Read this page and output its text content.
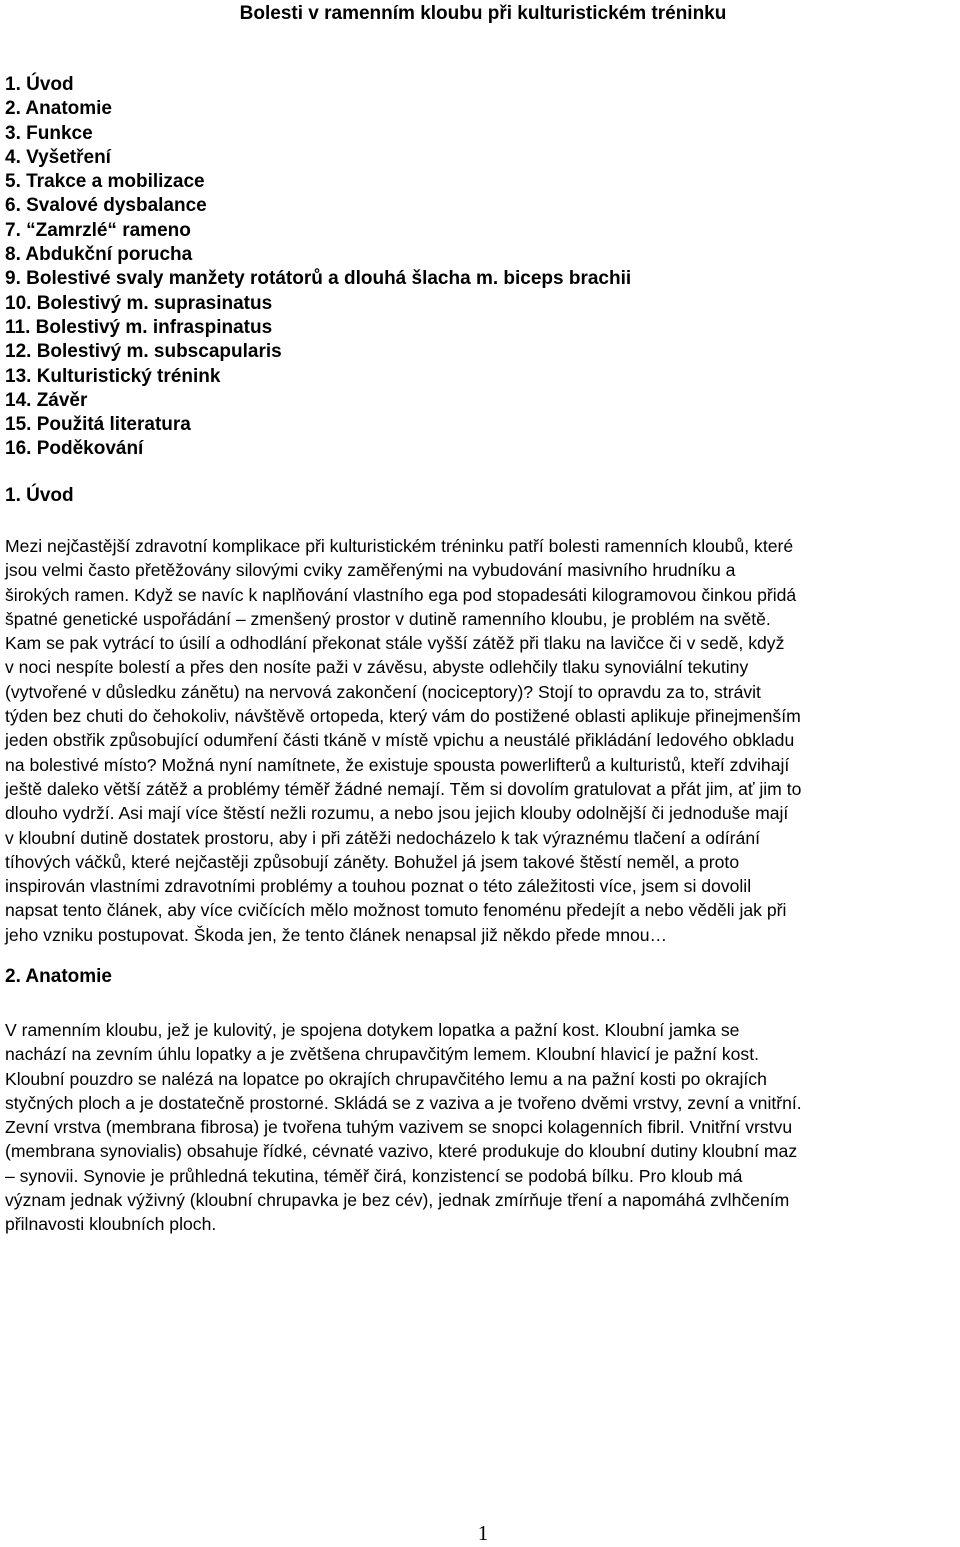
Bolesti v ramenním kloubu při kulturistickém tréninku
1. Úvod
2. Anatomie
3. Funkce
4. Vyšetření
5. Trakce a mobilizace
6. Svalové dysbalance
7. “Zamrzlé“ rameno
8. Abdukční porucha
9. Bolestivé svaly manžety rotátorů a dlouhá šlacha m. biceps brachii
10. Bolestivý m. suprasinatus
11. Bolestivý m. infraspinatus
12. Bolestivý m. subscapularis
13. Kulturistický trénink
14. Závěr
15. Použitá literatura
16. Poděkování
1. Úvod
Mezi nejčastější zdravotní komplikace při kulturistickém tréninku patří bolesti ramenních kloubů, které
jsou velmi často přetěžovány silovými cviky zaměřenými na vybudování masivního hrudníku a
širokých ramen. Když se navíc k naplňování vlastního ega pod stopadesáti kilogramovou činkou přidá
špatné genetické uspořádání – zmenšený prostor v dutině ramenního kloubu, je problém na světě.
Kam se pak vytrácí to úsilí a odhodlání překonat stále vyšší zátěž při tlaku na lavičce či v sedě, když
v noci nespíte bolestí a přes den nosíte paži v závěsu, abyste odlehčily tlaku synoviální tekutiny
(vytvořené v důsledku zánětu) na nervová zakončení (nociceptory)? Stojí to opravdu za to, strávit
týden bez chuti do čehokoliv, návštěvě ortopeda, který vám do postižené oblasti aplikuje přinejmenším
jeden obstřik způsobující odumření části tkáně v místě vpichu a neustálé přikládání ledového obkladu
na bolestivé místo? Možná nyní namítnete, že existuje spousta powerlifterů a kulturistů, kteří zdvihají
ještě daleko větší zátěž a problémy téměř žádné nemají. Těm si dovolím gratulovat a přát jim, ať jim to
dlouho vydrží. Asi mají více štěstí nežli rozumu, a nebo jsou jejich klouby odolnější či jednoduše mají
v kloubní dutině dostatek prostoru, aby i při zátěži nedocházelo k tak výraznému tlačení a odírání
tíhových váčků, které nejčastěji způsobují záněty. Bohužel já jsem takové štěstí neměl, a proto
inspirován vlastními zdravotními problémy a touhou poznat o této záležitosti více, jsem si dovolil
napsat tento článek, aby více cvičících mělo možnost tomuto fenoménu předejít a nebo věděli jak při
jeho vzniku postupovat. Škoda jen, že tento článek nenapsal již někdo přede mnou…
2. Anatomie
V ramenním kloubu, jež je kulovitý, je spojena dotykem lopatka a pažní kost. Kloubní jamka se
nachází na zevním úhlu lopatky a je zvětšena chrupavčitým lemem. Kloubní hlavicí je pažní kost.
Kloubní pouzdro se nalézá na lopatce po okrajích chrupavčitého lemu a na pažní kosti po okrajích
styčných ploch a je dostatečně prostorné. Skládá se z vaziva a je tvořeno dvěmi vrstvy, zevní a vnitřní.
Zevní vrstva (membrana fibrosa) je tvořena tuhým vazivem se snopci kolagenních fibril. Vnitřní vrstvu
(membrana synovialis) obsahuje řídké, cévnaté vazivo, které produkuje do kloubní dutiny kloubní maz
– synovii. Synovie je průhledná tekutina, téměř čirá, konzistencí se podobá bílku. Pro kloub má
význam jednak výživný (kloubní chrupavka je bez cév), jednak zmírňuje tření a napomáhá zvlhčením
přilnavosti kloubních ploch.
1
